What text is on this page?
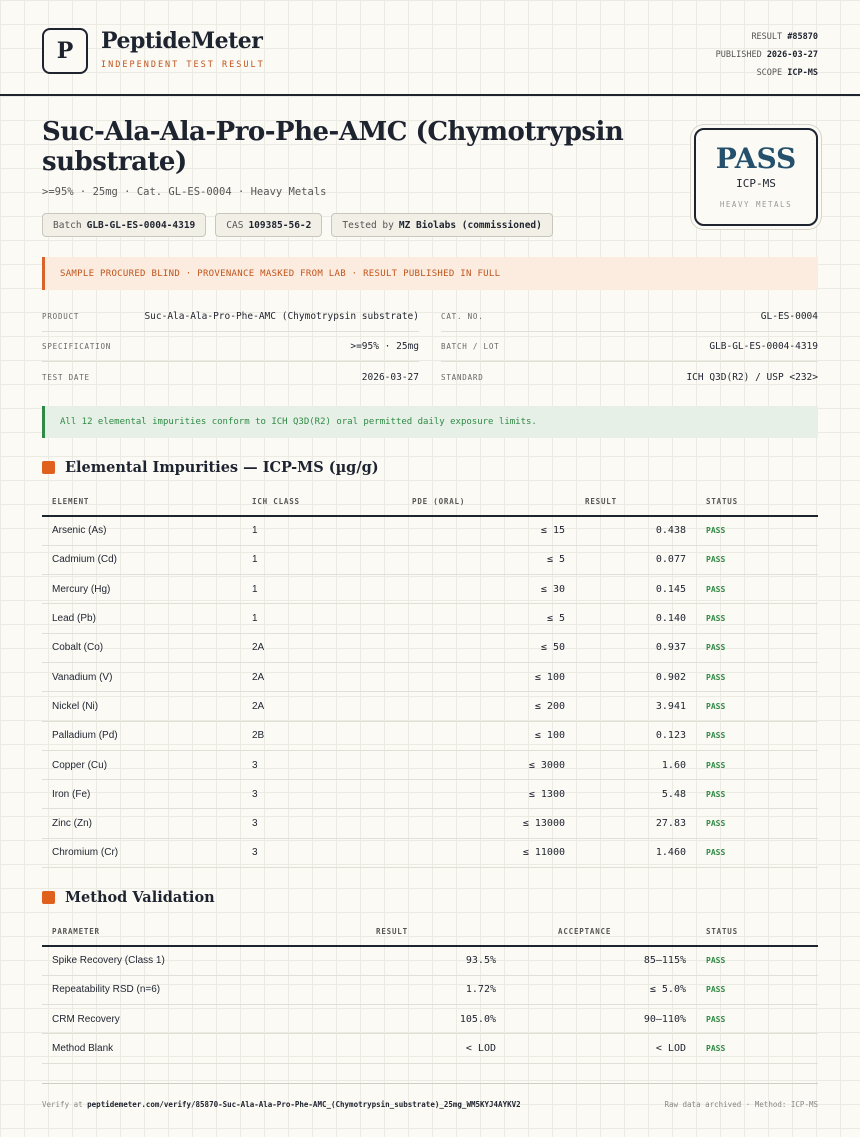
P	PeptideMeter
INDEPENDENT TEST RESULT
RESULT #85870
PUBLISHED 2026-03-27
SCOPE ICP-MS
Suc-Ala-Ala-Pro-Phe-AMC (Chymotrypsin substrate)
>=95% · 25mg · Cat. GL-ES-0004 · Heavy Metals
Batch GLB-GL-ES-0004-4319	CAS 109385-56-2	Tested by MZ Biolabs (commissioned)
PASS
ICP-MS
HEAVY METALS
SAMPLE PROCURED BLIND · PROVENANCE MASKED FROM LAB · RESULT PUBLISHED IN FULL
PRODUCT	Suc-Ala-Ala-Pro-Phe-AMC (Chymotrypsin substrate)
SPECIFICATION	>=95% · 25mg
TEST DATE	2026-03-27
CAT. NO.	GL-ES-0004
BATCH / LOT	GLB-GL-ES-0004-4319
STANDARD	ICH Q3D(R2) / USP <232>
All 12 elemental impurities conform to ICH Q3D(R2) oral permitted daily exposure limits.
Elemental Impurities — ICP-MS (µg/g)
ELEMENT	ICH CLASS	PDE (ORAL)	RESULT	STATUS
Arsenic (As)	1	≤ 15	0.438	PASS
Cadmium (Cd)	1	≤ 5	0.077	PASS
Mercury (Hg)	1	≤ 30	0.145	PASS
Lead (Pb)	1	≤ 5	0.140	PASS
Cobalt (Co)	2A	≤ 50	0.937	PASS
Vanadium (V)	2A	≤ 100	0.902	PASS
Nickel (Ni)	2A	≤ 200	3.941	PASS
Palladium (Pd)	2B	≤ 100	0.123	PASS
Copper (Cu)	3	≤ 3000	1.60	PASS
Iron (Fe)	3	≤ 1300	5.48	PASS
Zinc (Zn)	3	≤ 13000	27.83	PASS
Chromium (Cr)	3	≤ 11000	1.460	PASS
Method Validation
PARAMETER	RESULT	ACCEPTANCE	STATUS
Spike Recovery (Class 1)	93.5%	85–115%	PASS
Repeatability RSD (n=6)	1.72%	≤ 5.0%	PASS
CRM Recovery	105.0%	90–110%	PASS
Method Blank	< LOD	< LOD	PASS
Verify at peptidemeter.com/verify/85870-Suc-Ala-Ala-Pro-Phe-AMC_(Chymotrypsin_substrate)_25mg_WM5KYJ4AYKV2	Raw data archived · Method: ICP-MS
